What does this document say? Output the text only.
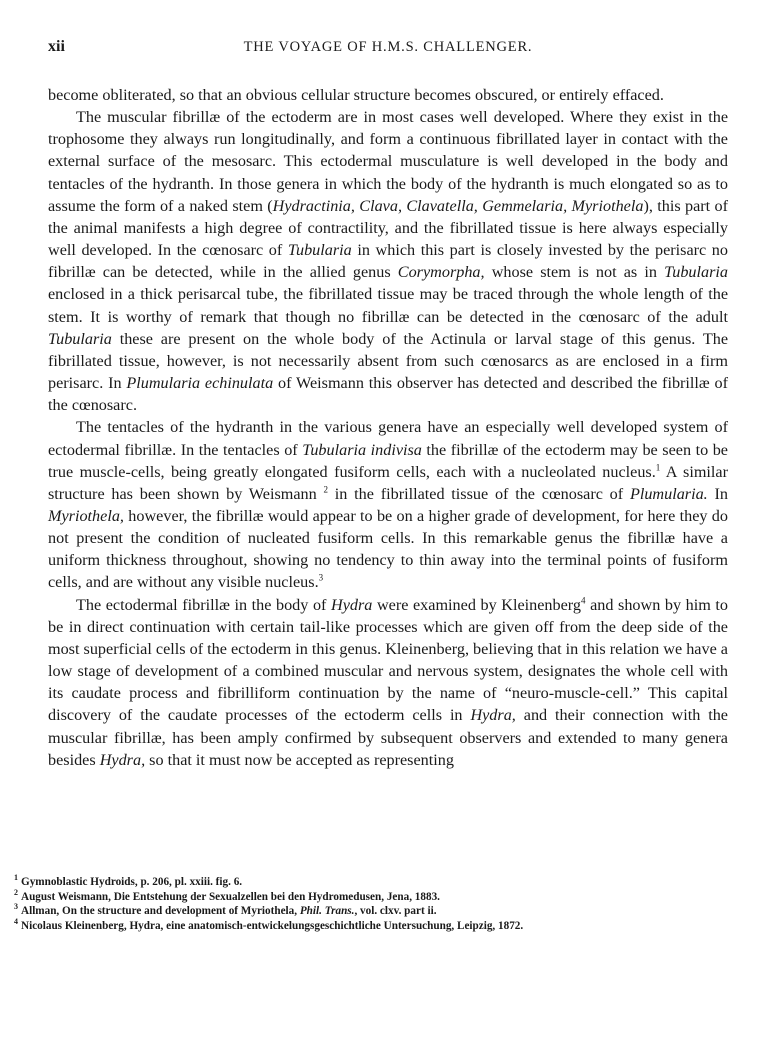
xii	THE VOYAGE OF H.M.S. CHALLENGER.

become obliterated, so that an obvious cellular structure becomes obscured, or entirely effaced.

The muscular fibrillæ of the ectoderm are in most cases well developed. Where they exist in the trophosome they always run longitudinally, and form a continuous fibrillated layer in contact with the external surface of the mesosarc. This ectodermal musculature is well developed in the body and tentacles of the hydranth. In those genera in which the body of the hydranth is much elongated so as to assume the form of a naked stem (Hydractinia, Clava, Clavatella, Gemmelaria, Myriothela), this part of the animal manifests a high degree of contractility, and the fibrillated tissue is here always especially well developed. In the cœnosarc of Tubularia in which this part is closely invested by the perisarc no fibrillæ can be detected, while in the allied genus Corymorpha, whose stem is not as in Tubularia enclosed in a thick perisarcal tube, the fibrillated tissue may be traced through the whole length of the stem. It is worthy of remark that though no fibrillæ can be detected in the cœnosarc of the adult Tubularia these are present on the whole body of the Actinula or larval stage of this genus. The fibrillated tissue, however, is not necessarily absent from such cœnosarcs as are enclosed in a firm perisarc. In Plumularia echinulata of Weismann this observer has detected and described the fibrillæ of the cœnosarc.

The tentacles of the hydranth in the various genera have an especially well developed system of ectodermal fibrillæ. In the tentacles of Tubularia indivisa the fibrillæ of the ectoderm may be seen to be true muscle-cells, being greatly elongated fusiform cells, each with a nucleolated nucleus.$^1$ A similar structure has been shown by Weismann $^2$ in the fibrillated tissue of the cœnosarc of Plumularia. In Myriothela, however, the fibrillæ would appear to be on a higher grade of development, for here they do not present the condition of nucleated fusiform cells. In this remarkable genus the fibrillæ have a uniform thickness throughout, showing no tendency to thin away into the terminal points of fusiform cells, and are without any visible nucleus.$^3$

The ectodermal fibrillæ in the body of Hydra were examined by Kleinenberg$^4$ and shown by him to be in direct continuation with certain tail-like processes which are given off from the deep side of the most superficial cells of the ectoderm in this genus. Kleinenberg, believing that in this relation we have a low stage of development of a combined muscular and nervous system, designates the whole cell with its caudate process and fibrilliform continuation by the name of “neuro-muscle-cell.” This capital discovery of the caudate processes of the ectoderm cells in Hydra, and their connection with the muscular fibrillæ, has been amply confirmed by subsequent observers and extended to many genera besides Hydra, so that it must now be accepted as representing

$^1$ Gymnoblastic Hydroids, p. 206, pl. xxiii. fig. 6.
$^2$ August Weismann, Die Entstehung der Sexualzellen bei den Hydromedusen, Jena, 1883.
$^3$ Allman, On the structure and development of Myriothela, Phil. Trans., vol. clxv. part ii.
$^4$ Nicolaus Kleinenberg, Hydra, eine anatomisch-entwickelungsgeschichtliche Untersuchung, Leipzig, 1872.
